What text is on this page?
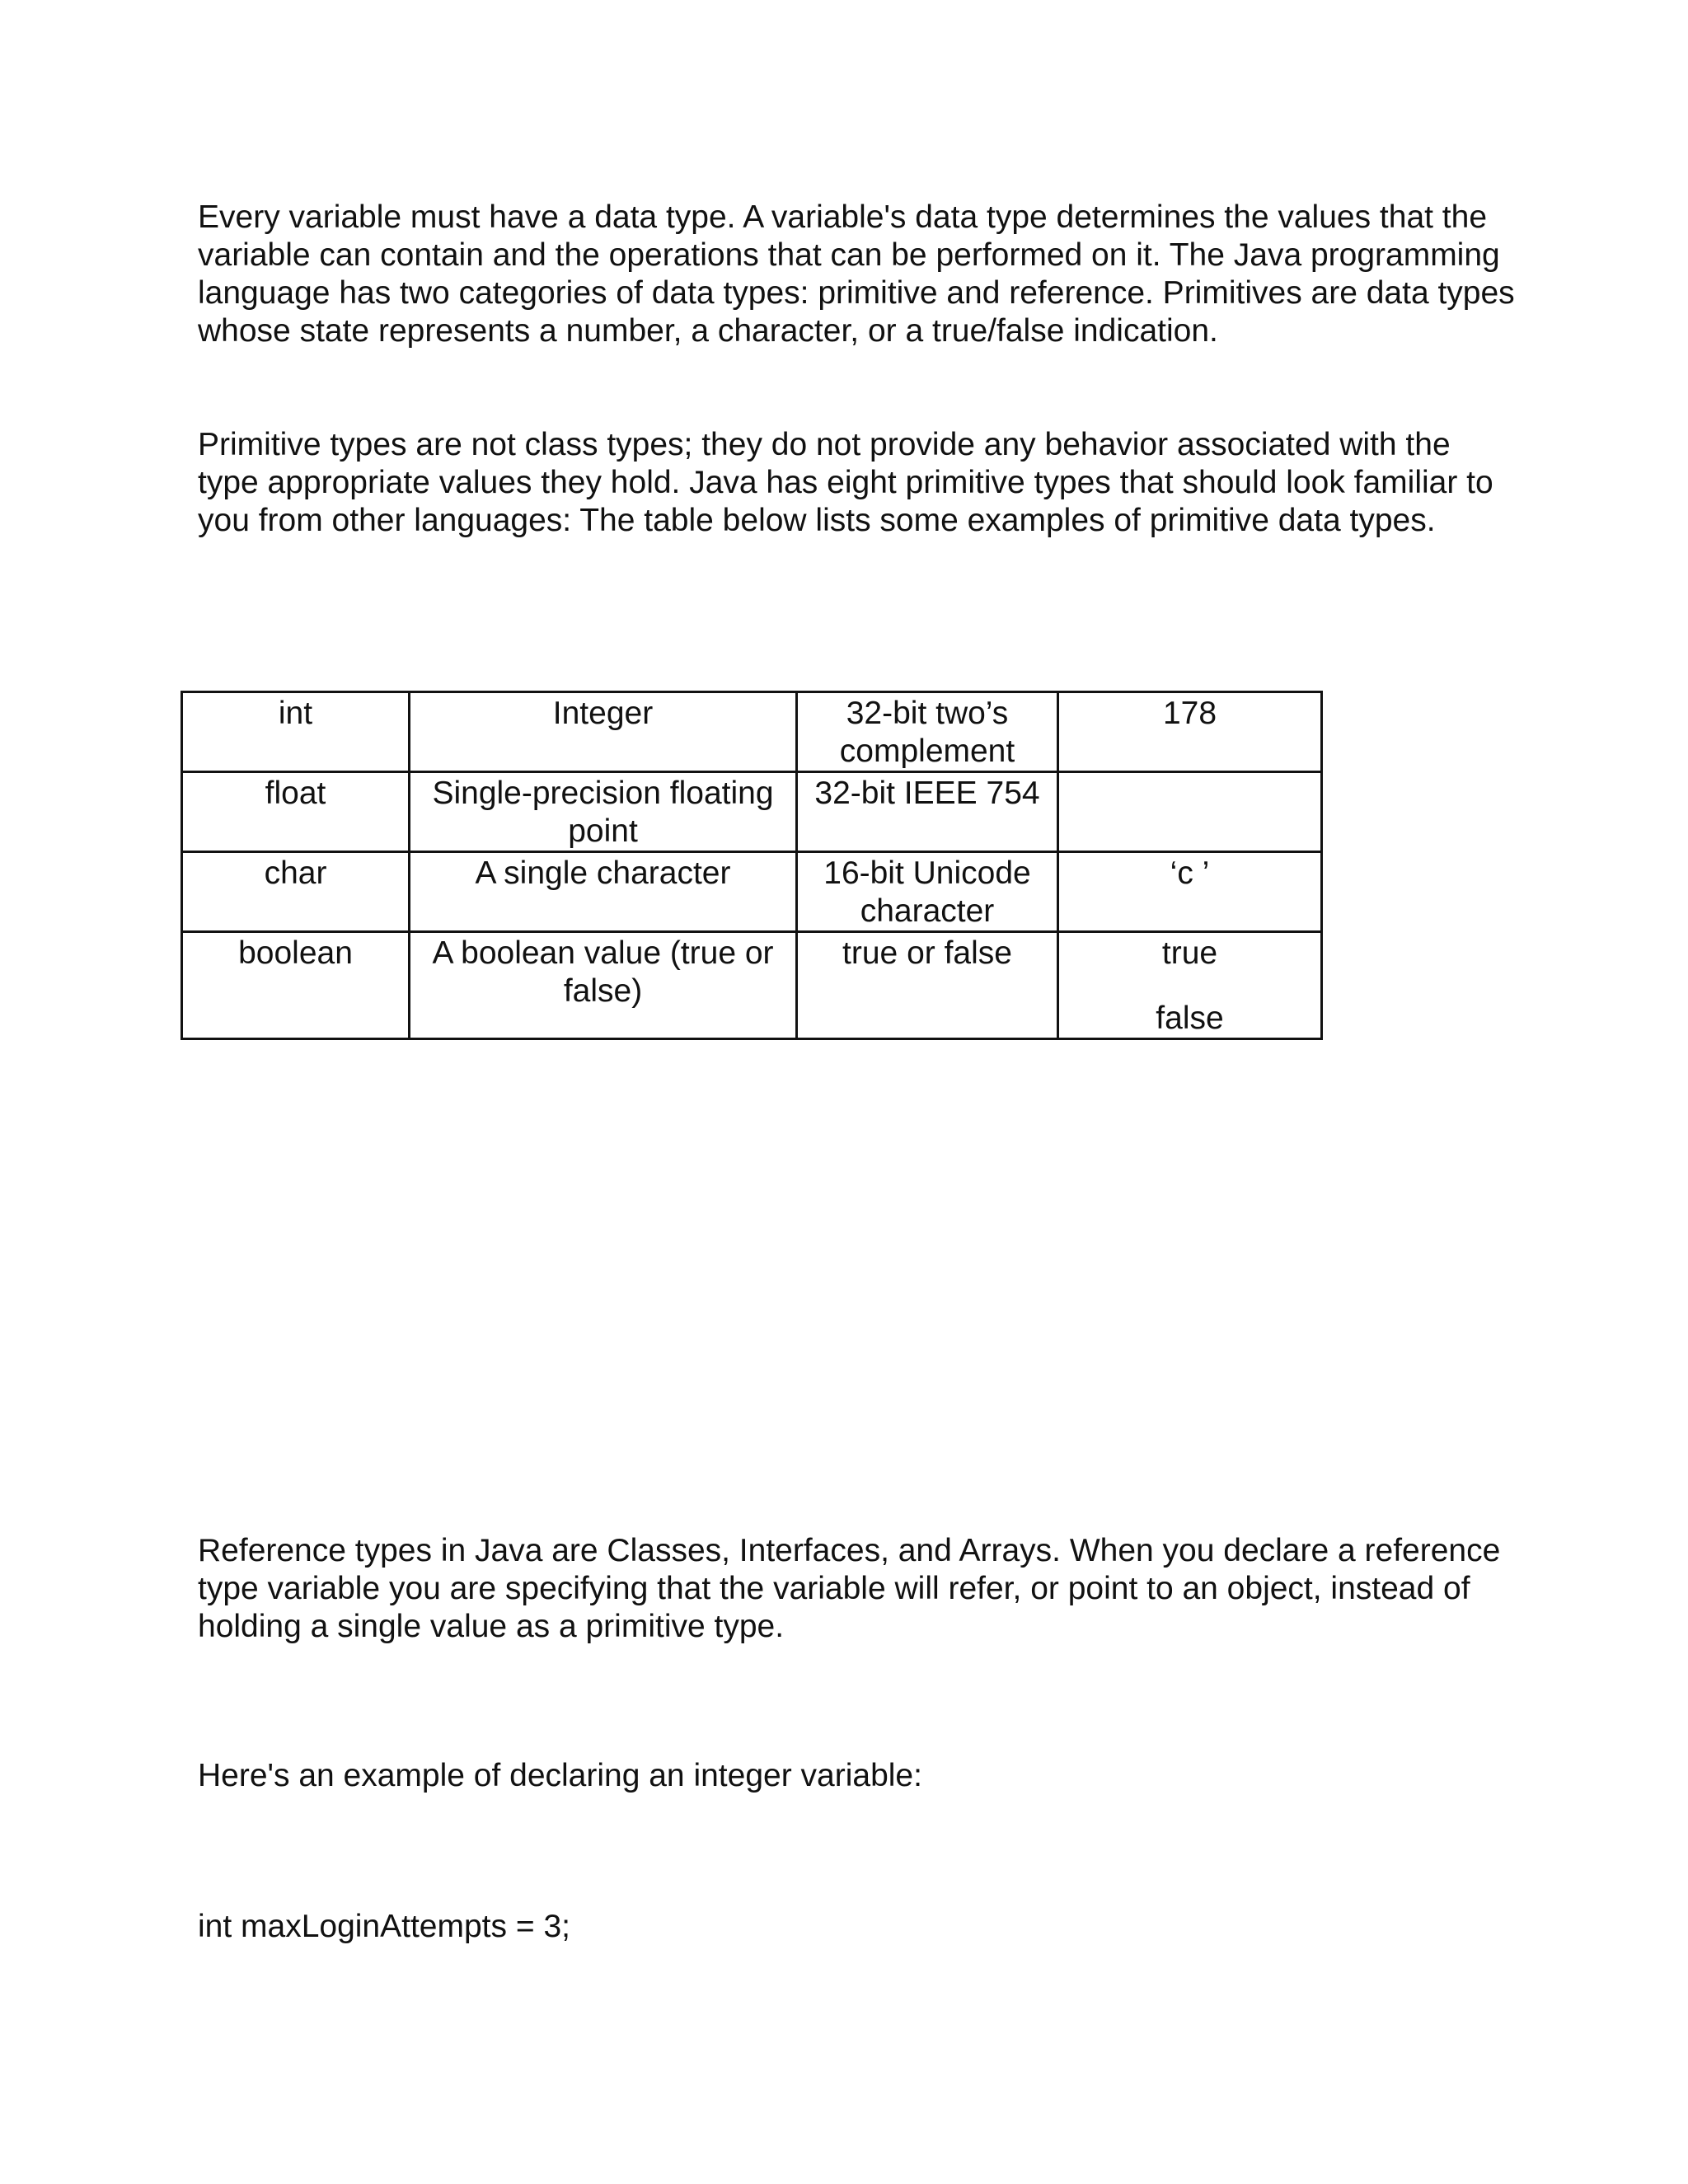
Every variable must have a data type. A variable's data type determines the values that the variable can contain and the operations that can be performed on it. The Java programming language has two categories of data types: primitive and reference. Primitives are data types whose state represents a number, a character, or a true/false indication.

Primitive types are not class types; they do not provide any behavior associated with the type appropriate values they hold. Java has eight primitive types that should look familiar to you from other languages: The table below lists some examples of primitive data types.

int	Integer	32-bit two’s complement	178
float	Single-precision floating point	32-bit IEEE 754	
char	A single character	16-bit Unicode character	‘c ’
boolean	A boolean value (true or false)	true or false	true
false

Reference types in Java are Classes, Interfaces, and Arrays. When you declare a reference type variable you are specifying that the variable will refer, or point to an object, instead of holding a single value as a primitive type.

Here's an example of declaring an integer variable:

int maxLoginAttempts = 3;
